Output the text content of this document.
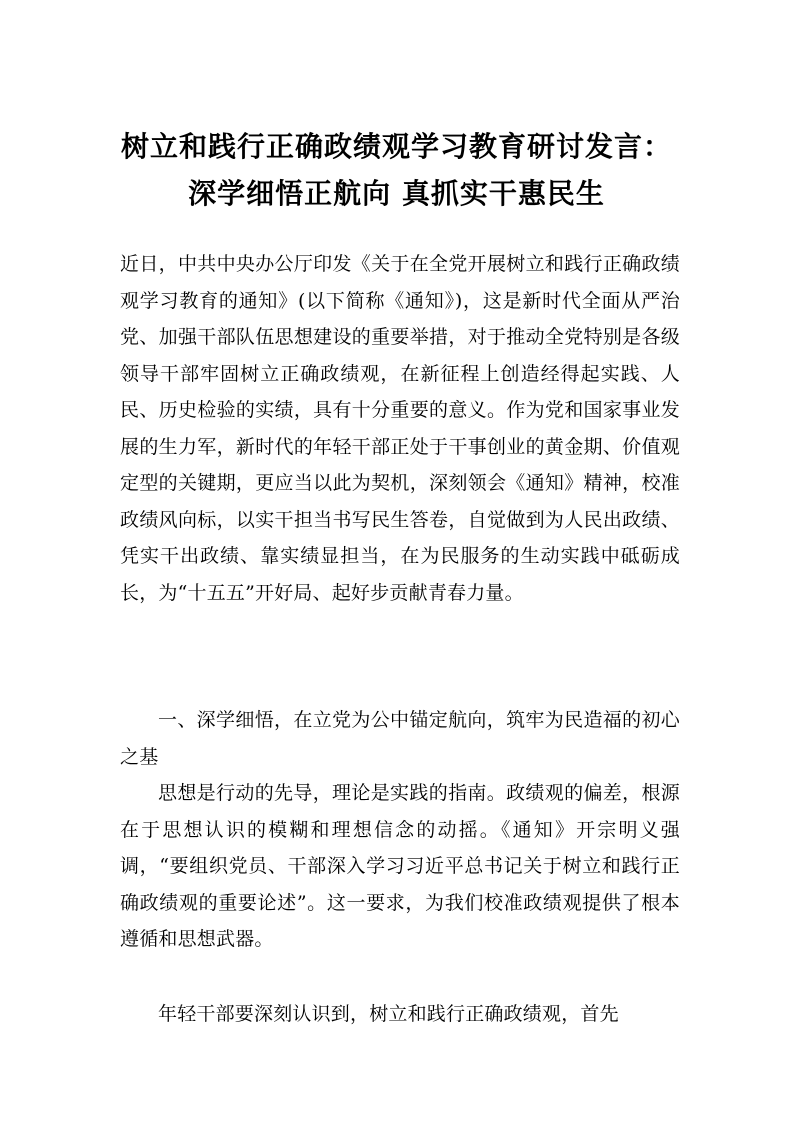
树立和践行正确政绩观学习教育研讨发言：
深学细悟正航向 真抓实干惠民生

近日，中共中央办公厅印发《关于在全党开展树立和践行正确政绩观学习教育的通知》(以下简称《通知》)，这是新时代全面从严治党、加强干部队伍思想建设的重要举措，对于推动全党特别是各级领导干部牢固树立正确政绩观，在新征程上创造经得起实践、人民、历史检验的实绩，具有十分重要的意义。作为党和国家事业发展的生力军，新时代的年轻干部正处于干事创业的黄金期、价值观定型的关键期，更应当以此为契机，深刻领会《通知》精神，校准政绩风向标，以实干担当书写民生答卷，自觉做到为人民出政绩、凭实干出政绩、靠实绩显担当，在为民服务的生动实践中砥砺成长，为“十五五”开好局、起好步贡献青春力量。

一、深学细悟，在立党为公中锚定航向，筑牢为民造福的初心之基

思想是行动的先导，理论是实践的指南。政绩观的偏差，根源在于思想认识的模糊和理想信念的动摇。《通知》开宗明义强调，“要组织党员、干部深入学习习近平总书记关于树立和践行正确政绩观的重要论述”。这一要求，为我们校准政绩观提供了根本遵循和思想武器。

年轻干部要深刻认识到，树立和践行正确政绩观，首先
